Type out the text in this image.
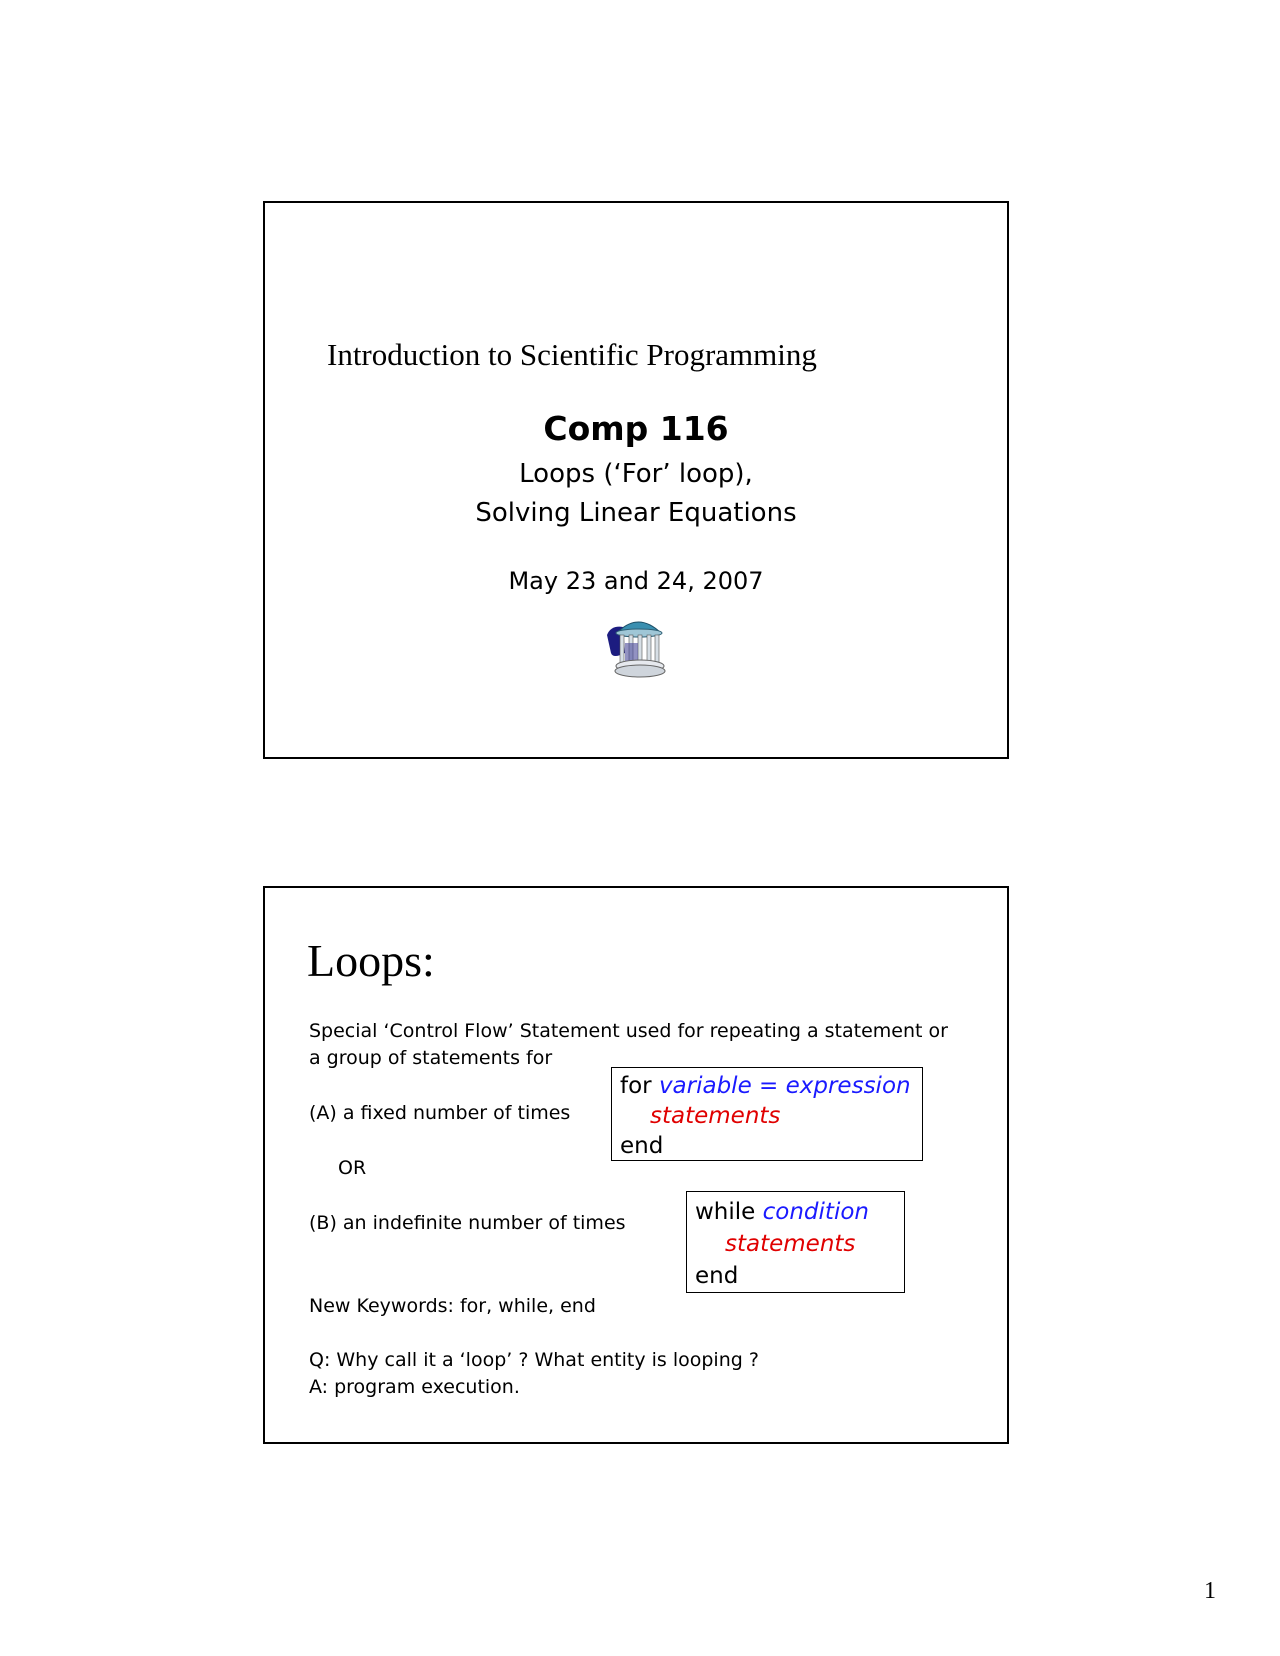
Introduction to Scientific Programming
Comp 116
Loops (‘For’ loop),
Solving Linear Equations
May 23 and 24, 2007
Loops:
Special ‘Control Flow’ Statement used for repeating a statement or
a group of statements for
(A) a fixed number of times
OR
(B) an indefinite number of times
New Keywords: for, while, end
Q: Why call it a ‘loop’ ? What entity is looping ?
A: program execution.
for variable = expression
statements
end
while condition
statements
end
1
